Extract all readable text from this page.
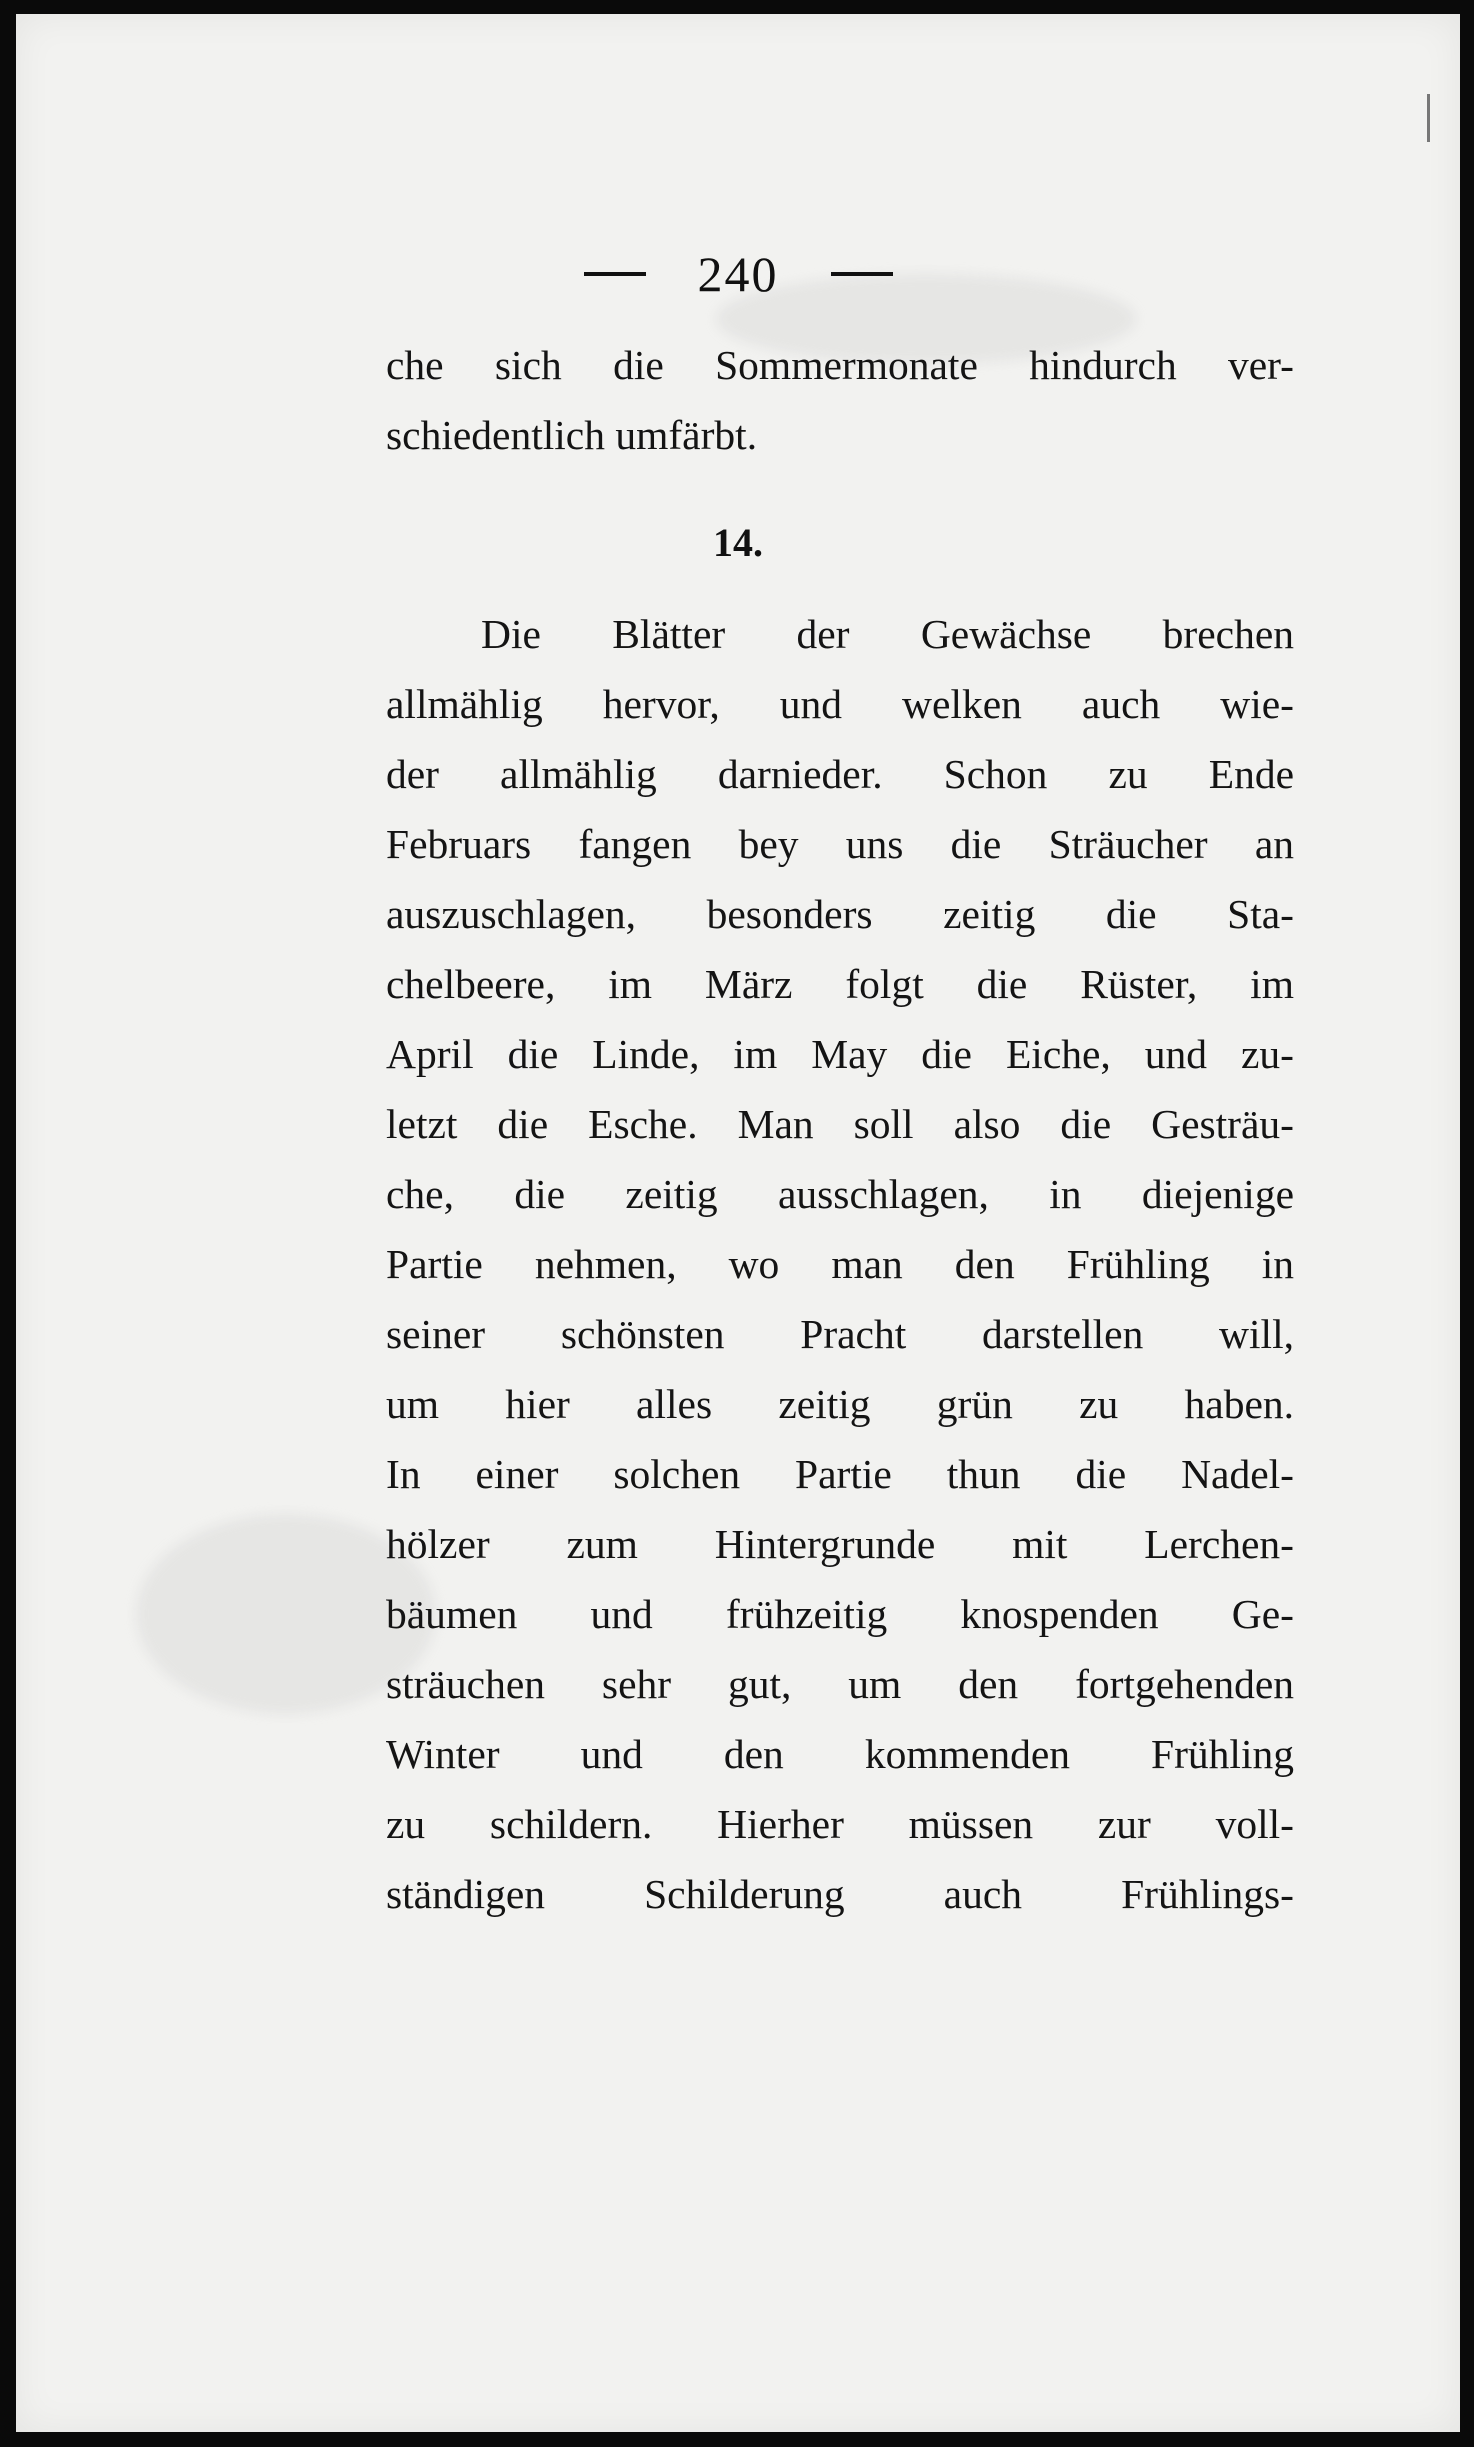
240
che sich die Sommermonate hindurch ver-
schiedentlich umfärbt.
14.
Die Blätter der Gewächse brechen
allmählig hervor, und welken auch wie-
der allmählig darnieder. Schon zu Ende
Februars fangen bey uns die Sträucher an
auszuschlagen, besonders zeitig die Sta-
chelbeere, im März folgt die Rüster, im
April die Linde, im May die Eiche, und zu-
letzt die Esche. Man soll also die Gesträu-
che, die zeitig ausschlagen, in diejenige
Partie nehmen, wo man den Frühling in
seiner schönsten Pracht darstellen will,
um hier alles zeitig grün zu haben.
In einer solchen Partie thun die Nadel-
hölzer zum Hintergrunde mit Lerchen-
bäumen und frühzeitig knospenden Ge-
sträuchen sehr gut, um den fortgehenden
Winter und den kommenden Frühling
zu schildern. Hierher müssen zur voll-
ständigen Schilderung auch Frühlings-
